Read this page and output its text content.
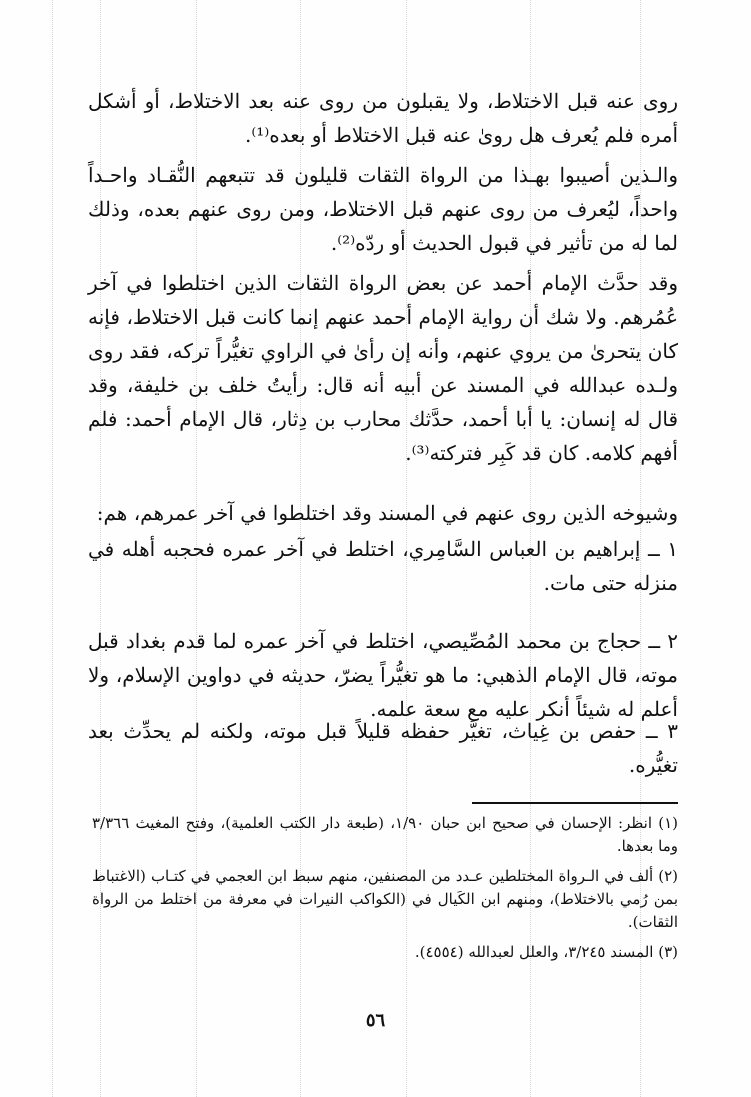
روى عنه قبل الاختلاط، ولا يقبلون من روى عنه بعد الاختلاط، أو أشكل أمره فلم يُعرف هل روىٰ عنه قبل الاختلاط أو بعده⁽¹⁾.

والـذين أصيبوا بهـذا من الرواة الثقات قليلون قد تتبعهم النُّقـاد واحـداً واحداً، ليُعرف من روى عنهم قبل الاختلاط، ومن روى عنهم بعده، وذلك لما له من تأثير في قبول الحديث أو ردّه⁽²⁾.

وقد حدَّث الإمام أحمد عن بعض الرواة الثقات الذين اختلطوا في آخر عُمُرهم. ولا شك أن رواية الإمام أحمد عنهم إنما كانت قبل الاختلاط، فإنه كان يتحرىٰ من يروي عنهم، وأنه إن رأىٰ في الراوي تغيُّراً تركه، فقد روى ولـده عبدالله في المسند عن أبيه أنه قال: رأيتُ خلف بن خليفة، وقد قال له إنسان: يا أبا أحمد، حدَّثك محارب بن دِثار، قال الإمام أحمد: فلم أفهم كلامه. كان قد كَبِر فتركته⁽³⁾.

وشيوخه الذين روى عنهم في المسند وقد اختلطوا في آخر عمرهم، هم:

١ ــ إبراهيم بن العباس السَّامِري، اختلط في آخر عمره فحجبه أهله في منزله حتى مات.

٢ ــ حجاج بن محمد المُصِّيصي، اختلط في آخر عمره لما قدم بغداد قبل موته، قال الإمام الذهبي: ما هو تغيُّراً يضرّ، حديثه في دواوين الإسلام، ولا أعلم له شيئاً أنكر عليه مع سعة علمه.

٣ ــ حفص بن غِياث، تغيَّر حفظه قليلاً قبل موته، ولكنه لم يحدِّث بعد تغيُّره.

(١) انظر: الإحسان في صحيح ابن حبان ١/٩٠، (طبعة دار الكتب العلمية)، وفتح المغيث ٣/٣٦٦ وما بعدها.

(٢) ألف في الـرواة المختلطين عـدد من المصنفين، منهم سبط ابن العجمي في كتـاب (الاغتباط بمن رُمي بالاختلاط)، ومنهم ابن الكَيال في (الكواكب النيرات في معرفة من اختلط من الرواة الثقات).

(٣) المسند ٣/٢٤٥، والعلل لعبدالله (٤٥٥٤).

٥٦
